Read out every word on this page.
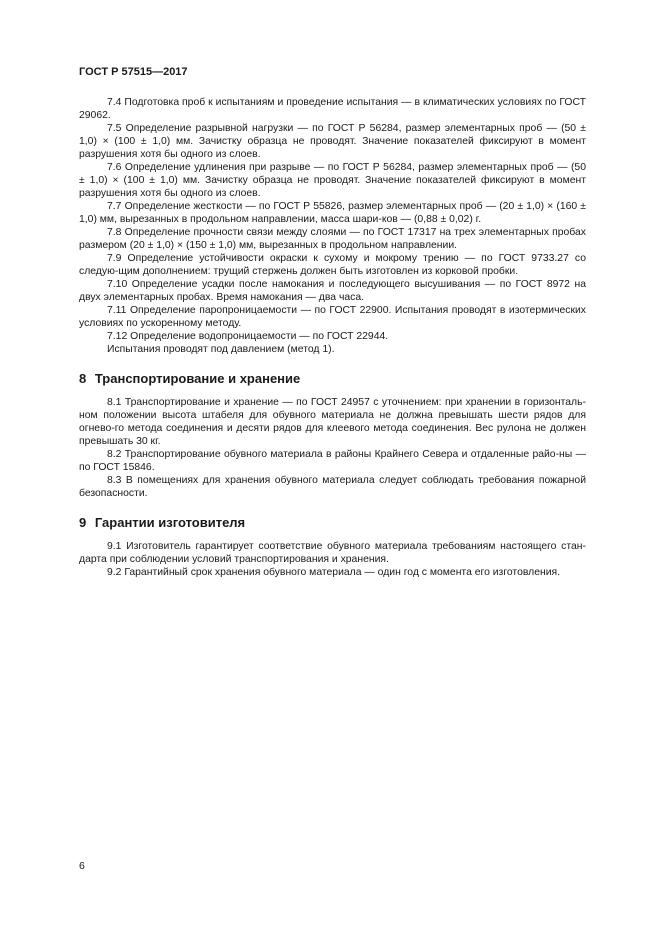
ГОСТ Р 57515—2017

7.4 Подготовка проб к испытаниям и проведение испытания — в климатических условиях по ГОСТ 29062.

7.5 Определение разрывной нагрузки — по ГОСТ Р 56284, размер элементарных проб — (50 ± 1,0) × (100 ± 1,0) мм. Зачистку образца не проводят. Значение показателей фиксируют в момент разрушения хотя бы одного из слоев.

7.6 Определение удлинения при разрыве — по ГОСТ Р 56284, размер элементарных проб — (50 ± 1,0) × (100 ± 1,0) мм. Зачистку образца не проводят. Значение показателей фиксируют в момент разрушения хотя бы одного из слоев.

7.7 Определение жесткости — по ГОСТ Р 55826, размер элементарных проб — (20 ± 1,0) × (160 ± 1,0) мм, вырезанных в продольном направлении, масса шари-ков — (0,88 ± 0,02) г.

7.8 Определение прочности связи между слоями — по ГОСТ 17317 на трех элементарных пробах размером (20 ± 1,0) × (150 ± 1,0) мм, вырезанных в продольном направлении.

7.9 Определение устойчивости окраски к сухому и мокрому трению — по ГОСТ 9733.27 со следую-щим дополнением: трущий стержень должен быть изготовлен из корковой пробки.

7.10 Определение усадки после намокания и последующего высушивания — по ГОСТ 8972 на двух элементарных пробах. Время намокания — два часа.

7.11 Определение паропроницаемости — по ГОСТ 22900. Испытания проводят в изотермических условиях по ускоренному методу.

7.12 Определение водопроницаемости — по ГОСТ 22944.

Испытания проводят под давлением (метод 1).

8 Транспортирование и хранение

8.1 Транспортирование и хранение — по ГОСТ 24957 с уточнением: при хранении в горизонталь-ном положении высота штабеля для обувного материала не должна превышать шести рядов для огнево-го метода соединения и десяти рядов для клеевого метода соединения. Вес рулона не должен превышать 30 кг.

8.2 Транспортирование обувного материала в районы Крайнего Севера и отдаленные райо-ны — по ГОСТ 15846.

8.3 В помещениях для хранения обувного материала следует соблюдать требования пожарной безопасности.

9 Гарантии изготовителя

9.1 Изготовитель гарантирует соответствие обувного материала требованиям настоящего стан-дарта при соблюдении условий транспортирования и хранения.

9.2 Гарантийный срок хранения обувного материала — один год с момента его изготовления.

6
